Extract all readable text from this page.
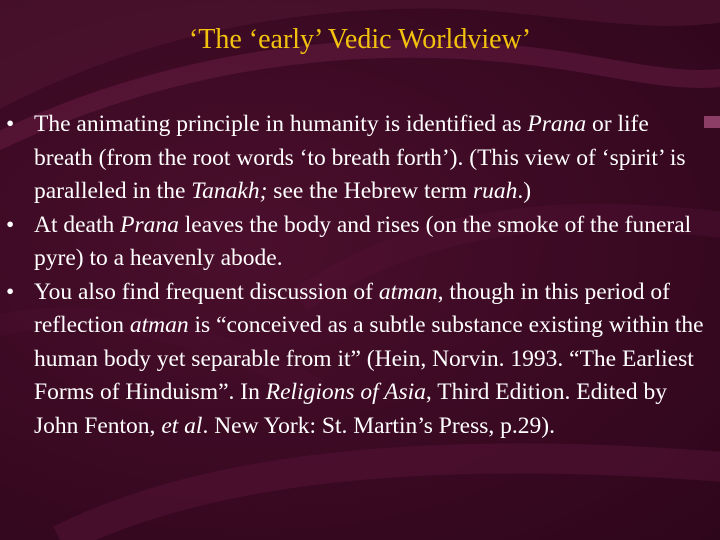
‘The ‘early’ Vedic Worldview’
• The animating principle in humanity is identified as Prana or life breath (from the root words ‘to breath forth’). (This view of ‘spirit’ is paralleled in the Tanakh; see the Hebrew term ruah.)
• At death Prana leaves the body and rises (on the smoke of the funeral pyre) to a heavenly abode.
• You also find frequent discussion of atman, though in this period of reflection atman is “conceived as a subtle substance existing within the human body yet separable from it” (Hein, Norvin. 1993. “The Earliest Forms of Hinduism”. In Religions of Asia, Third Edition. Edited by John Fenton, et al. New York: St. Martin’s Press, p.29).
